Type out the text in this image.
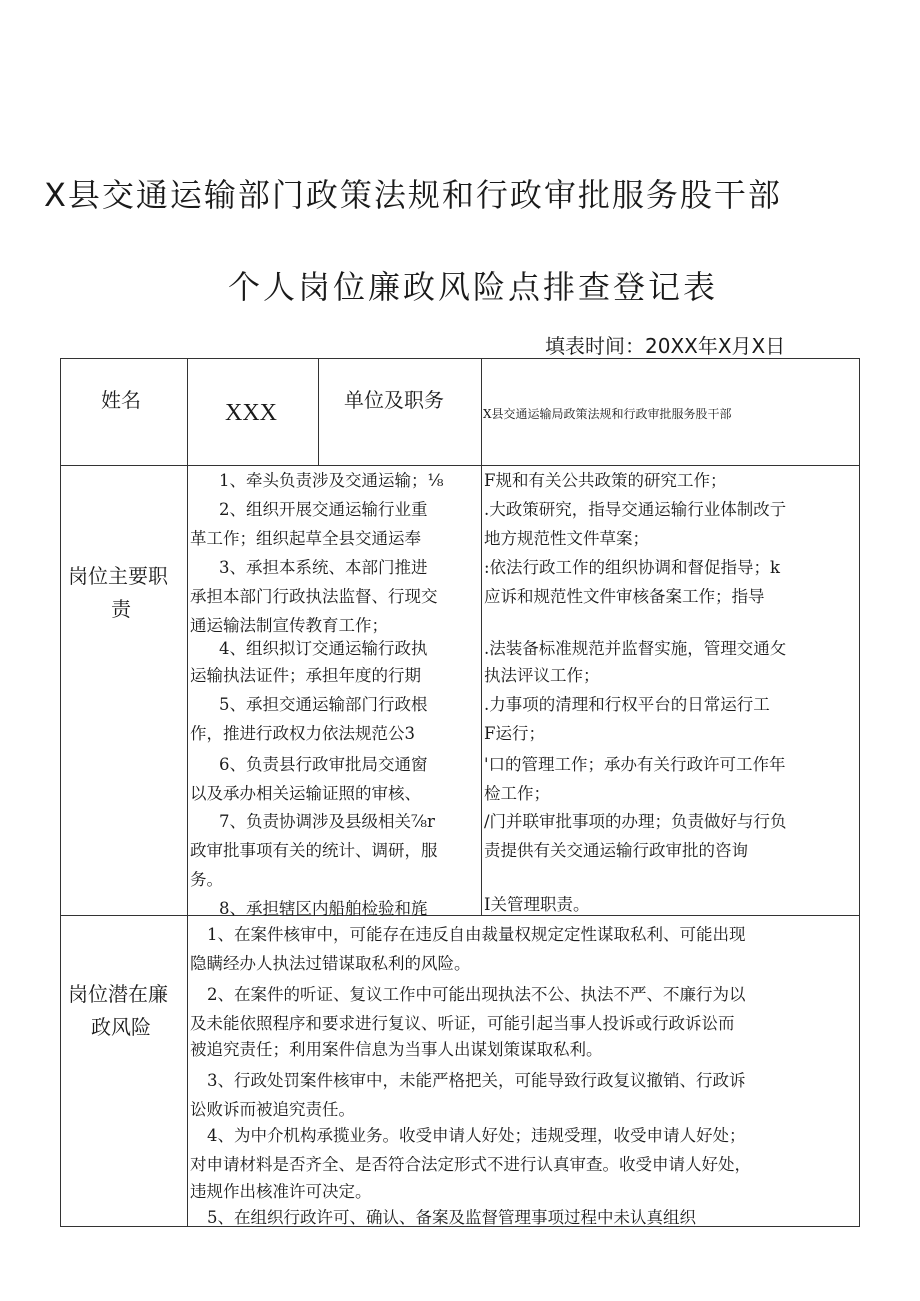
X县交通运输部门政策法规和行政审批服务股干部
个人岗位廉政风险点排查登记表
填表时间：20XX年X月X日
姓名	XXX	单位及职务
X县交通运输局政策法规和行政审批服务股干部
岗位主要职
责
1、牵头负责涉及交通运输；⅛
2、组织开展交通运输行业重
革工作；组织起草全县交通运奉
3、承担本系统、本部门推进
承担本部门行政执法监督、行现交
通运输法制宣传教育工作；
4、组织拟订交通运输行政执
运输执法证件；承担年度的行期
5、承担交通运输部门行政根
作，推进行政权力依法规范公3
6、负责县行政审批局交通窗
以及承办相关运输证照的审核、
7、负责协调涉及县级相关⅞r
政审批事项有关的统计、调研，服
务。
8、承担辖区内船舶检验和旄
F规和有关公共政策的研究工作；
.大政策研究，指导交通运输行业体制改亍
地方规范性文件草案；
:依法行政工作的组织协调和督促指导；k
应诉和规范性文件审核备案工作；指导
.法装备标准规范并监督实施，管理交通攵
执法评议工作；
.力事项的清理和行权平台的日常运行工
F运行；
'口的管理工作；承办有关行政许可工作年
检工作；
/门并联审批事项的办理；负责做好与行负
责提供有关交通运输行政审批的咨询
I关管理职责。
岗位潜在廉
政风险
1、在案件核审中，可能存在违反自由裁量权规定定性谋取私利、可能出现
隐瞒经办人执法过错谋取私利的风险。
2、在案件的听证、复议工作中可能出现执法不公、执法不严、不廉行为以
及未能依照程序和要求进行复议、听证，可能引起当事人投诉或行政诉讼而
被追究责任；利用案件信息为当事人出谋划策谋取私利。
3、行政处罚案件核审中，未能严格把关，可能导致行政复议撤销、行政诉
讼败诉而被追究责任。
4、为中介机构承揽业务。收受申请人好处；违规受理，收受申请人好处；
对申请材料是否齐全、是否符合法定形式不进行认真审查。收受申请人好处，
违规作出核准许可决定。
5、在组织行政许可、确认、备案及监督管理事项过程中未认真组织
